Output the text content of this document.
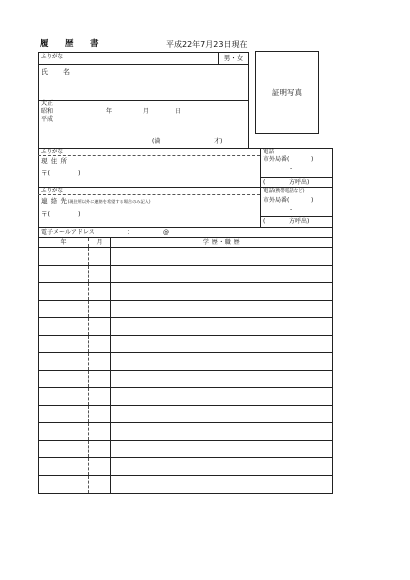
履　歴　書	平成22年7月23日現在
男・女
ふりがな
氏　名
大正
昭和
平成
年	月	日
(満	才)
証明写真
ふりがな
現 住 所
〒(	)
電話
市外局番(	)
-
(	方呼出)
ふりがな
連 絡 先(現住所以外に連絡を希望する場合のみ記入)
〒(	)
電話(携帯電話など)
市外局番(	)
-
(	方呼出)
電子メールアドレス	：	@
年	月	学 歴・職 歴
